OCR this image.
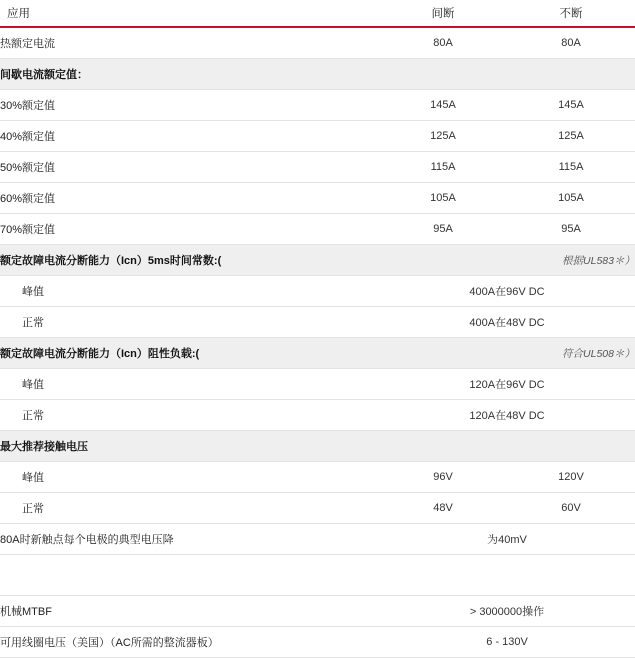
应用	间断	不断
热额定电流	80A	80A
间歇电流额定值：		
30%额定值	145A	145A
40%额定值	125A	125A
50%额定值	115A	115A
60%额定值	105A	105A
70%额定值	95A	95A
额定故障电流分断能力（Icn）5ms时间常数:(	根据UL583＊）	
峰值	400A在96V DC	
正常	400A在48V DC	
额定故障电流分断能力（Icn）阻性负载:(	符合UL508＊）	
峰值	120A在96V DC	
正常	120A在48V DC	
最大推荐接触电压		
峰值	96V	120V
正常	48V	60V
80A时新触点每个电极的典型电压降	为40mV	

机械MTBF	> 3000000操作	
可用线圈电压（美国）（AC所需的整流器板）	6 - 130V	
